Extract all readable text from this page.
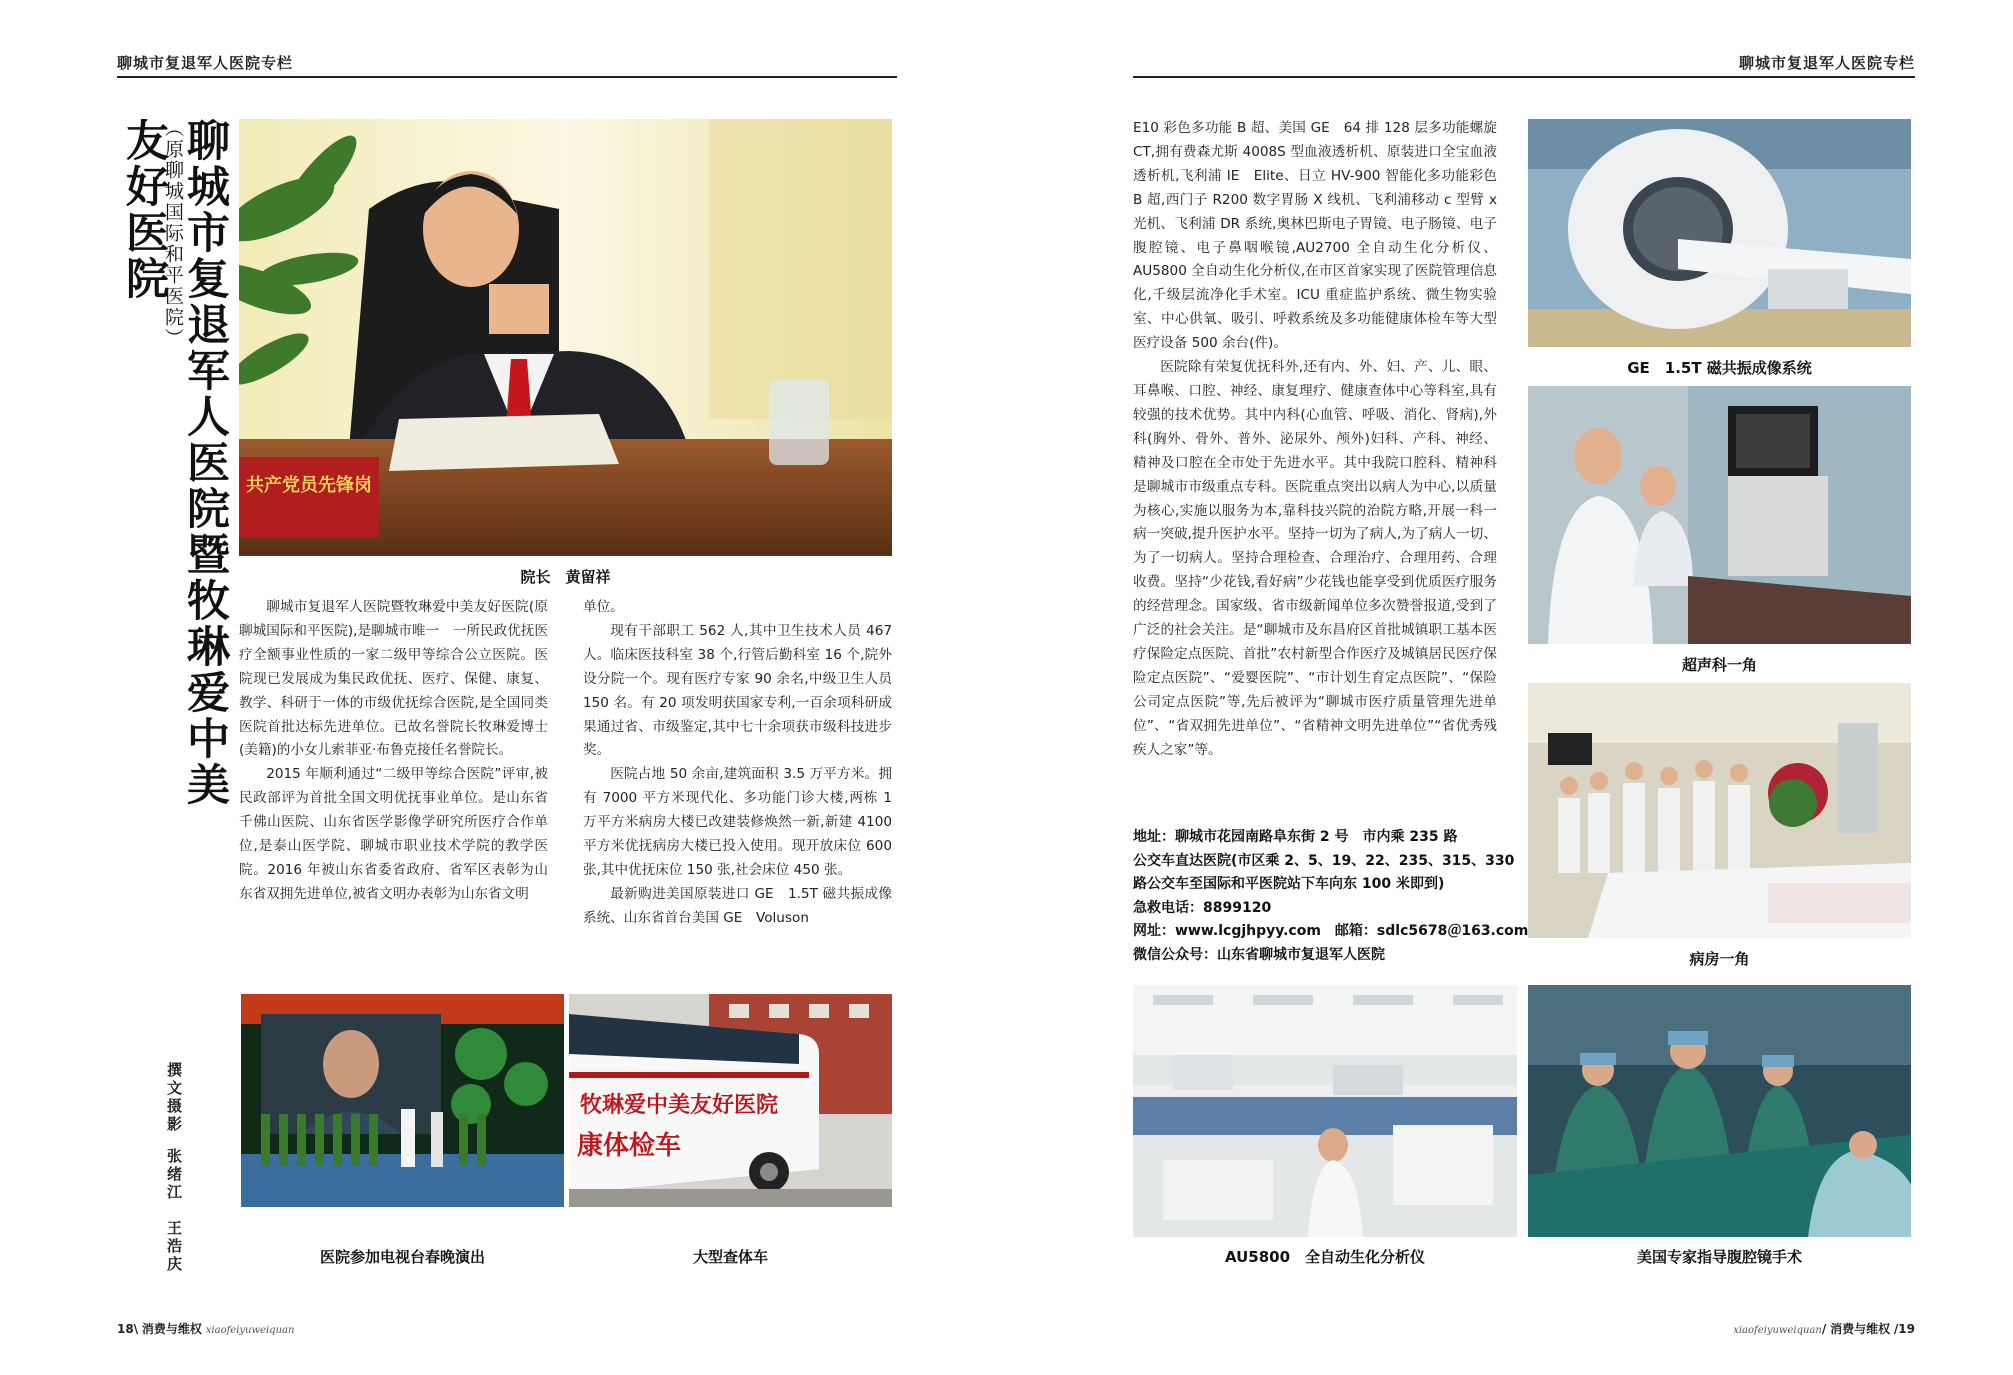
聊城市复退军人医院专栏	聊城市复退军人医院专栏
聊城市复退军人医院暨牧琳爱中美友好医院
（原聊城国际和平医院）
撰文摄影
张绪江　王浩庆
共产党员先锋岗
院长　黄留祥

聊城市复退军人医院暨牧琳爱中美友好医院(原聊城国际和平医院),是聊城市唯一　一所民政优抚医疗全额事业性质的一家二级甲等综合公立医院。医院现已发展成为集民政优抚、医疗、保健、康复、教学、科研于一体的市级优抚综合医院,是全国同类医院首批达标先进单位。已故名誉院长牧琳爱博士(美籍)的小女儿索菲亚·布鲁克接任名誉院长。

2015 年顺利通过“二级甲等综合医院”评审,被民政部评为首批全国文明优抚事业单位。是山东省千佛山医院、山东省医学影像学研究所医疗合作单位,是泰山医学院、聊城市职业技术学院的教学医院。2016 年被山东省委省政府、省军区表彰为山东省双拥先进单位,被省文明办表彰为山东省文明

单位。

现有干部职工 562 人,其中卫生技术人员 467 人。临床医技科室 38 个,行管后勤科室 16 个,院外设分院一个。现有医疗专家 90 余名,中级卫生人员 150 名。有 20 项发明获国家专利,一百余项科研成果通过省、市级鉴定,其中七十余项获市级科技进步奖。

医院占地 50 余亩,建筑面积 3.5 万平方米。拥有 7000 平方米现代化、多功能门诊大楼,两栋 1 万平方米病房大楼已改建装修焕然一新,新建 4100 平方米优抚病房大楼已投入使用。现开放床位 600 张,其中优抚床位 150 张,社会床位 450 张。

最新购进美国原装进口 GE　1.5T 磁共振成像系统、山东省首台美国 GE　Voluson

E10 彩色多功能 B 超、美国 GE　64 排 128 层多功能螺旋 CT,拥有费森尤斯 4008S 型血液透析机、原装进口全宝血液透析机,飞利浦 IE　Elite、日立 HV-900 智能化多功能彩色 B 超,西门子 R200 数字胃肠 X 线机、飞利浦移动 c 型臂 x 光机、飞利浦 DR 系统,奥林巴斯电子胃镜、电子肠镜、电子腹腔镜、电子鼻咽喉镜,AU2700 全自动生化分析仪、AU5800 全自动生化分析仪,在市区首家实现了医院管理信息化,千级层流净化手术室。ICU 重症监护系统、微生物实验室、中心供氧、吸引、呼救系统及多功能健康体检车等大型医疗设备 500 余台(件)。

医院除有荣复优抚科外,还有内、外、妇、产、儿、眼、耳鼻喉、口腔、神经、康复理疗、健康查体中心等科室,具有较强的技术优势。其中内科(心血管、呼吸、消化、肾病),外科(胸外、骨外、普外、泌尿外、颅外)妇科、产科、神经、精神及口腔在全市处于先进水平。其中我院口腔科、精神科是聊城市市级重点专科。医院重点突出以病人为中心,以质量为核心,实施以服务为本,靠科技兴院的治院方略,开展一科一病一突破,提升医护水平。坚持一切为了病人,为了病人一切、为了一切病人。坚持合理检查、合理治疗、合理用药、合理收费。坚持“少花钱,看好病”少花钱也能享受到优质医疗服务的经营理念。国家级、省市级新闻单位多次赞誉报道,受到了广泛的社会关注。是“聊城市及东昌府区首批城镇职工基本医疗保险定点医院、首批”农村新型合作医疗及城镇居民医疗保险定点医院”、“爱婴医院”、“市计划生育定点医院”、“保险公司定点医院”等,先后被评为“聊城市医疗质量管理先进单位”、“省双拥先进单位”、“省精神文明先进单位”“省优秀残疾人之家”等。

地址：聊城市花园南路阜东街 2 号　市内乘 235 路
公交车直达医院(市区乘 2、5、19、22、235、315、330
路公交车至国际和平医院站下车向东 100 米即到)
急救电话：8899120
网址：www.lcgjhpyy.com　邮箱：sdlc5678＠163.com
微信公众号：山东省聊城市复退军人医院
医院参加电视台春晚演出
牧琳爱中美友好医院
康体检车
大型查体车
GE　1.5T 磁共振成像系统
超声科一角
病房一角
AU5800　全自动生化分析仪	美国专家指导腹腔镜手术
18\ 消费与维权 xiaofeiyuweiquan	xiaofeiyuweiquan/ 消费与维权 /19
